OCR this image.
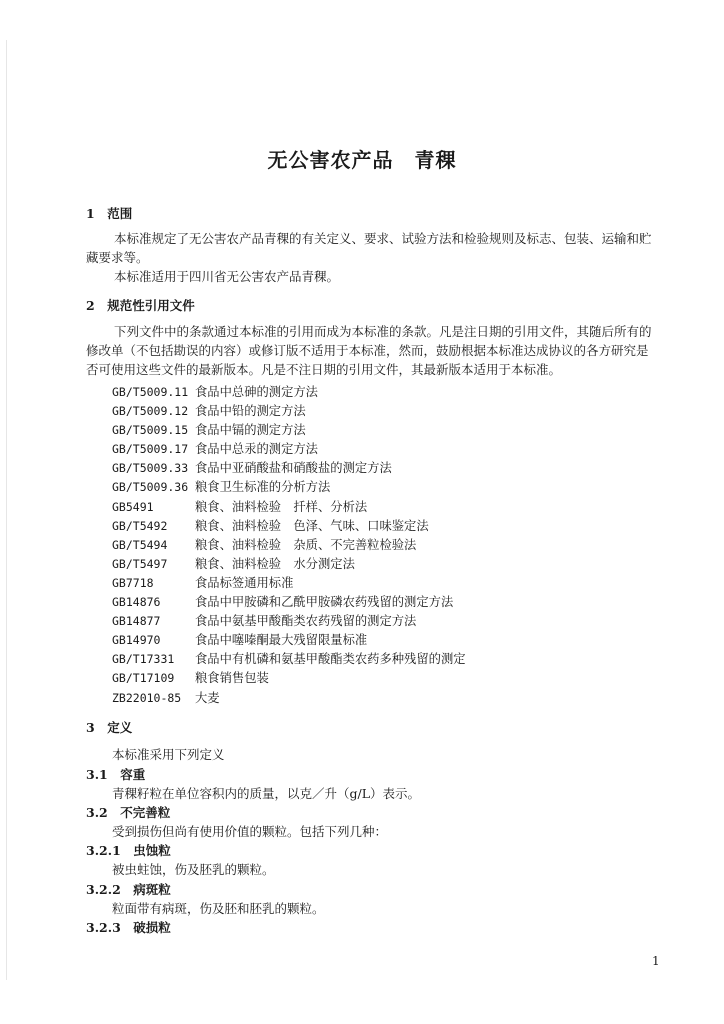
无公害农产品　青稞
1　范围
本标准规定了无公害农产品青稞的有关定义、要求、试验方法和检验规则及标志、包装、运输和贮藏要求等。
本标准适用于四川省无公害农产品青稞。
2　规范性引用文件
下列文件中的条款通过本标准的引用而成为本标准的条款。凡是注日期的引用文件，其随后所有的修改单（不包括勘误的内容）或修订版不适用于本标准，然而，鼓励根据本标准达成协议的各方研究是否可使用这些文件的最新版本。凡是不注日期的引用文件，其最新版本适用于本标准。
GB/T5009.11 食品中总砷的测定方法
GB/T5009.12 食品中铅的测定方法
GB/T5009.15 食品中镉的测定方法
GB/T5009.17 食品中总汞的测定方法
GB/T5009.33 食品中亚硝酸盐和硝酸盐的测定方法
GB/T5009.36 粮食卫生标准的分析方法
GB5491	粮食、油料检验　扦样、分析法
GB/T5492 粮食、油料检验　色泽、气味、口味鉴定法
GB/T5494 粮食、油料检验　杂质、不完善粒检验法
GB/T5497 粮食、油料检验　水分测定法
GB7718	食品标签通用标准
GB14876	食品中甲胺磷和乙酰甲胺磷农药残留的测定方法
GB14877	食品中氨基甲酸酯类农药残留的测定方法
GB14970	食品中噻嗪酮最大残留限量标准
GB/T17331 食品中有机磷和氨基甲酸酯类农药多种残留的测定
GB/T17109 粮食销售包装
ZB22010-85 大麦
3　定义
本标准采用下列定义
3.1　容重
青稞籽粒在单位容积内的质量，以克／升（g/L）表示。
3.2　不完善粒
受到损伤但尚有使用价值的颗粒。包括下列几种：
3.2.1　虫蚀粒
被虫蛀蚀，伤及胚乳的颗粒。
3.2.2　病斑粒
粒面带有病斑，伤及胚和胚乳的颗粒。
3.2.3　破损粒
1
